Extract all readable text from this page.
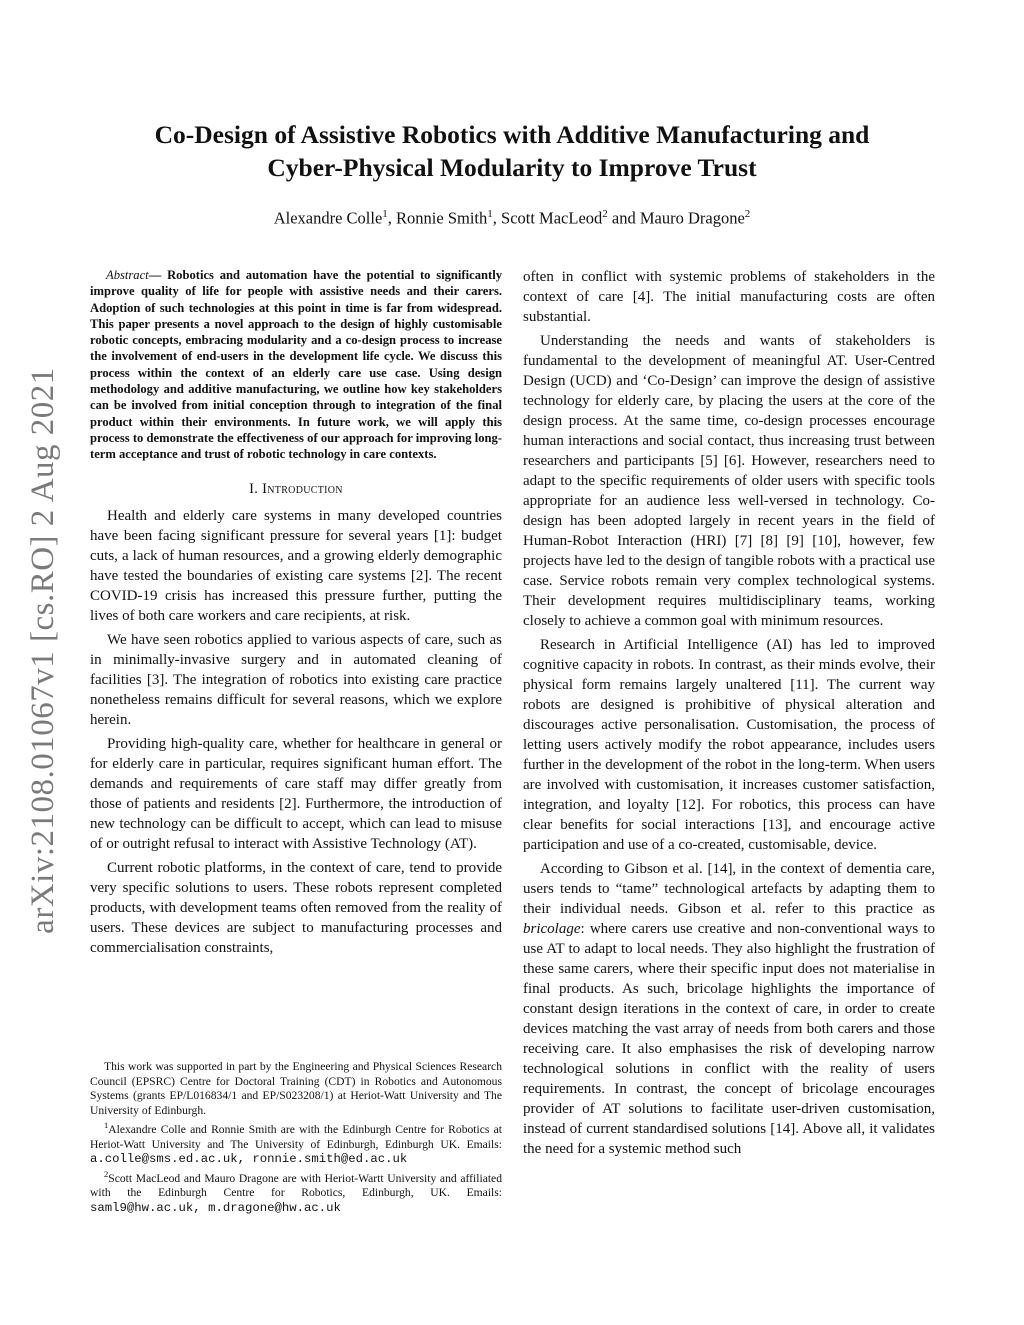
arXiv:2108.01067v1 [cs.RO] 2 Aug 2021
Co-Design of Assistive Robotics with Additive Manufacturing and
Cyber-Physical Modularity to Improve Trust
Alexandre Colle$^1$, Ronnie Smith$^1$, Scott MacLeod$^2$ and Mauro Dragone$^2$

Abstract— Robotics and automation have the potential to significantly improve quality of life for people with assistive needs and their carers. Adoption of such technologies at this point in time is far from widespread. This paper presents a novel approach to the design of highly customisable robotic concepts, embracing modularity and a co-design process to increase the involvement of end-users in the development life cycle. We discuss this process within the context of an elderly care use case. Using design methodology and additive manufacturing, we outline how key stakeholders can be involved from initial conception through to integration of the final product within their environments. In future work, we will apply this process to demonstrate the effectiveness of our approach for improving long-term acceptance and trust of robotic technology in care contexts.

I. Introduction

Health and elderly care systems in many developed countries have been facing significant pressure for several years [1]: budget cuts, a lack of human resources, and a growing elderly demographic have tested the boundaries of existing care systems [2]. The recent COVID-19 crisis has increased this pressure further, putting the lives of both care workers and care recipients, at risk.

We have seen robotics applied to various aspects of care, such as in minimally-invasive surgery and in automated cleaning of facilities [3]. The integration of robotics into existing care practice nonetheless remains difficult for several reasons, which we explore herein.

Providing high-quality care, whether for healthcare in general or for elderly care in particular, requires significant human effort. The demands and requirements of care staff may differ greatly from those of patients and residents [2]. Furthermore, the introduction of new technology can be difficult to accept, which can lead to misuse of or outright refusal to interact with Assistive Technology (AT).

Current robotic platforms, in the context of care, tend to provide very specific solutions to users. These robots represent completed products, with development teams often removed from the reality of users. These devices are subject to manufacturing processes and commercialisation constraints,

This work was supported in part by the Engineering and Physical Sciences Research Council (EPSRC) Centre for Doctoral Training (CDT) in Robotics and Autonomous Systems (grants EP/L016834/1 and EP/S023208/1) at Heriot-Watt University and The University of Edinburgh.

$^1$Alexandre Colle and Ronnie Smith are with the Edinburgh Centre for Robotics at Heriot-Watt University and The University of Edinburgh, Edinburgh UK. Emails: a.colle@sms.ed.ac.uk, ronnie.smith@ed.ac.uk

$^2$Scott MacLeod and Mauro Dragone are with Heriot-Wartt University and affiliated with the Edinburgh Centre for Robotics, Edinburgh, UK. Emails: saml9@hw.ac.uk, m.dragone@hw.ac.uk

often in conflict with systemic problems of stakeholders in the context of care [4]. The initial manufacturing costs are often substantial.

Understanding the needs and wants of stakeholders is fundamental to the development of meaningful AT. User-Centred Design (UCD) and ‘Co-Design’ can improve the design of assistive technology for elderly care, by placing the users at the core of the design process. At the same time, co-design processes encourage human interactions and social contact, thus increasing trust between researchers and participants [5] [6]. However, researchers need to adapt to the specific requirements of older users with specific tools appropriate for an audience less well-versed in technology. Co-design has been adopted largely in recent years in the field of Human-Robot Interaction (HRI) [7] [8] [9] [10], however, few projects have led to the design of tangible robots with a practical use case. Service robots remain very complex technological systems. Their development requires multidisciplinary teams, working closely to achieve a common goal with minimum resources.

Research in Artificial Intelligence (AI) has led to improved cognitive capacity in robots. In contrast, as their minds evolve, their physical form remains largely unaltered [11]. The current way robots are designed is prohibitive of physical alteration and discourages active personalisation. Customisation, the process of letting users actively modify the robot appearance, includes users further in the development of the robot in the long-term. When users are involved with customisation, it increases customer satisfaction, integration, and loyalty [12]. For robotics, this process can have clear benefits for social interactions [13], and encourage active participation and use of a co-created, customisable, device.

According to Gibson et al. [14], in the context of dementia care, users tends to “tame” technological artefacts by adapting them to their individual needs. Gibson et al. refer to this practice as bricolage: where carers use creative and non-conventional ways to use AT to adapt to local needs. They also highlight the frustration of these same carers, where their specific input does not materialise in final products. As such, bricolage highlights the importance of constant design iterations in the context of care, in order to create devices matching the vast array of needs from both carers and those receiving care. It also emphasises the risk of developing narrow technological solutions in conflict with the reality of users requirements. In contrast, the concept of bricolage encourages provider of AT solutions to facilitate user-driven customisation, instead of current standardised solutions [14]. Above all, it validates the need for a systemic method such
